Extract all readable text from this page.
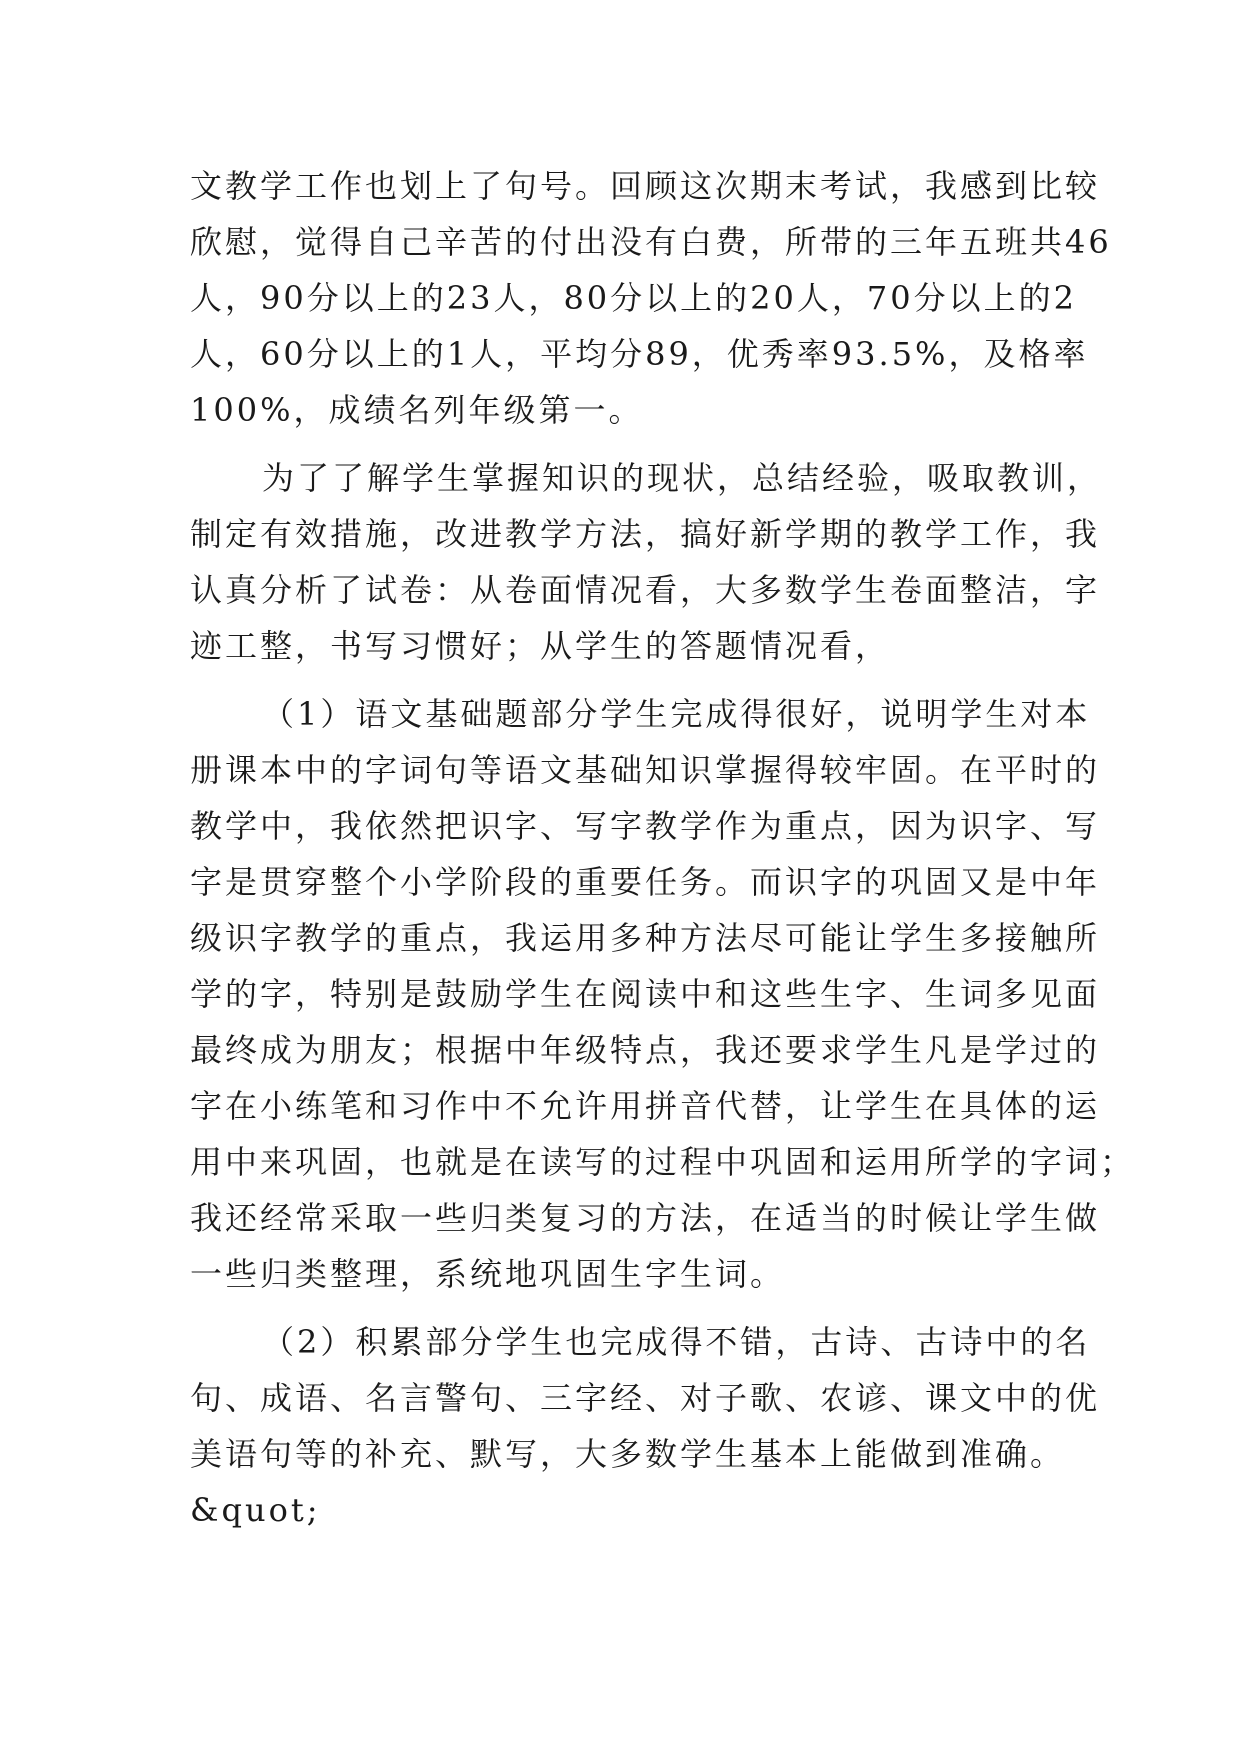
文教学工作也划上了句号。回顾这次期末考试，我感到比较
欣慰，觉得自己辛苦的付出没有白费，所带的三年五班共46
人，90分以上的23人，80分以上的20人，70分以上的2
人，60分以上的1人，平均分89，优秀率93.5%，及格率
100%，成绩名列年级第一。
为了了解学生掌握知识的现状，总结经验，吸取教训，
制定有效措施，改进教学方法，搞好新学期的教学工作，我
认真分析了试卷：从卷面情况看，大多数学生卷面整洁，字
迹工整，书写习惯好；从学生的答题情况看，
（1）语文基础题部分学生完成得很好，说明学生对本
册课本中的字词句等语文基础知识掌握得较牢固。在平时的
教学中，我依然把识字、写字教学作为重点，因为识字、写
字是贯穿整个小学阶段的重要任务。而识字的巩固又是中年
级识字教学的重点，我运用多种方法尽可能让学生多接触所
学的字，特别是鼓励学生在阅读中和这些生字、生词多见面
最终成为朋友；根据中年级特点，我还要求学生凡是学过的
字在小练笔和习作中不允许用拼音代替，让学生在具体的运
用中来巩固，也就是在读写的过程中巩固和运用所学的字词；
我还经常采取一些归类复习的方法，在适当的时候让学生做
一些归类整理，系统地巩固生字生词。
（2）积累部分学生也完成得不错，古诗、古诗中的名
句、成语、名言警句、三字经、对子歌、农谚、课文中的优
美语句等的补充、默写，大多数学生基本上能做到准确。
&quot;
